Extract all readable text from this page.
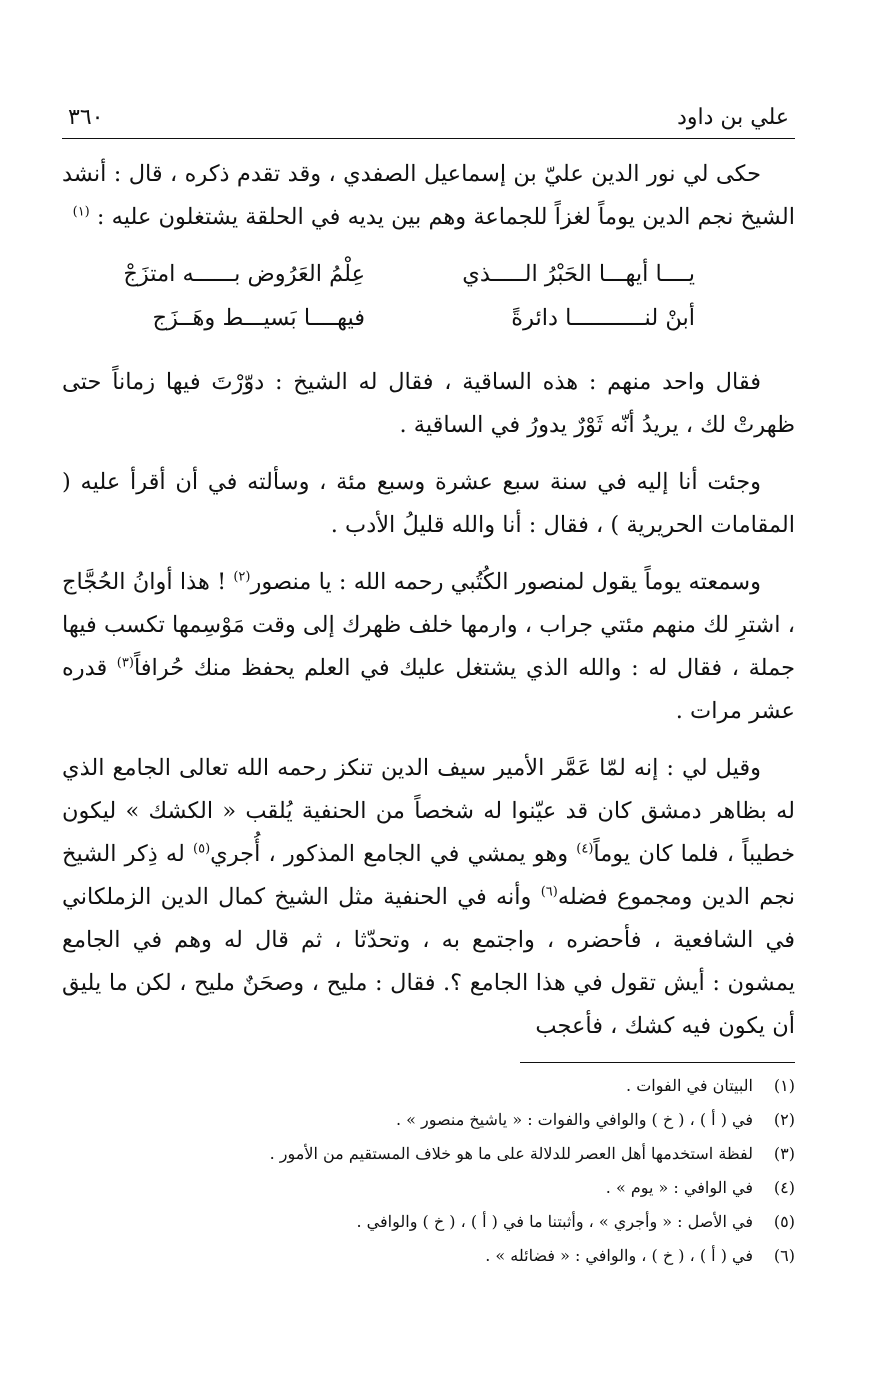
علي بن داود
٣٦٠

حكى لي نور الدين عليّ بن إسماعيل الصفدي ، وقد تقدم ذكره ، قال : أنشد الشيخ نجم الدين يوماً لغزاً للجماعة وهم بين يديه في الحلقة يشتغلون عليه : $^{(١)}$

يــــا أيهـــا الحَبْرُ الـــــذي
عِلْمُ العَرُوض بــــــه امتزَجْ
أبنْ لنـــــــــــا دائرةً
فيهــــا بَسيـــط وهَــزَج

فقال واحد منهم : هذه الساقية ، فقال له الشيخ : دوّرْتَ فيها زماناً حتى ظهرتْ لك ، يريدُ أنّه ثَوْرٌ يدورُ في الساقية .

وجئت أنا إليه في سنة سبع عشرة وسبع مئة ، وسألته في أن أقرأ عليه ( المقامات الحريرية ) ، فقال : أنا والله قليلُ الأدب .

وسمعته يوماً يقول لمنصور الكُتُبي رحمه الله : يا منصور$^{(٢)}$ ! هذا أوانُ الحُجَّاج ، اشترِ لك منهم مئتي جراب ، وارمها خلف ظهرك إلى وقت مَوْسِمها تكسب فيها جملة ، فقال له : والله الذي يشتغل عليك في العلم يحفظ منك حُرافاً$^{(٣)}$ قدره عشر مرات .

وقيل لي : إنه لمّا عَمَّر الأمير سيف الدين تنكز رحمه الله تعالى الجامع الذي له بظاهر دمشق كان قد عيّنوا له شخصاً من الحنفية يُلقب « الكشك » ليكون خطيباً ، فلما كان يوماً$^{(٤)}$ وهو يمشي في الجامع المذكور ، أُجري$^{(٥)}$ له ذِكر الشيخ نجم الدين ومجموع فضله$^{(٦)}$ وأنه في الحنفية مثل الشيخ كمال الدين الزملكاني في الشافعية ، فأحضره ، واجتمع به ، وتحدّثا ، ثم قال له وهم في الجامع يمشون : أيش تقول في هذا الجامع ؟. فقال : مليح ، وصحَنٌ مليح ، لكن ما يليق أن يكون فيه كشك ، فأعجب

(١)
البيتان في الفوات .
(٢)
في ( أ ) ، ( خ ) والوافي والفوات : « ياشيخ منصور » .
(٣)
لفظة استخدمها أهل العصر للدلالة على ما هو خلاف المستقيم من الأمور .
(٤)
في الوافي : « يوم » .
(٥)
في الأصل : « وأجري » ، وأثبتنا ما في ( أ ) ، ( خ ) والوافي .
(٦)
في ( أ ) ، ( خ ) ، والوافي : « فضائله » .
